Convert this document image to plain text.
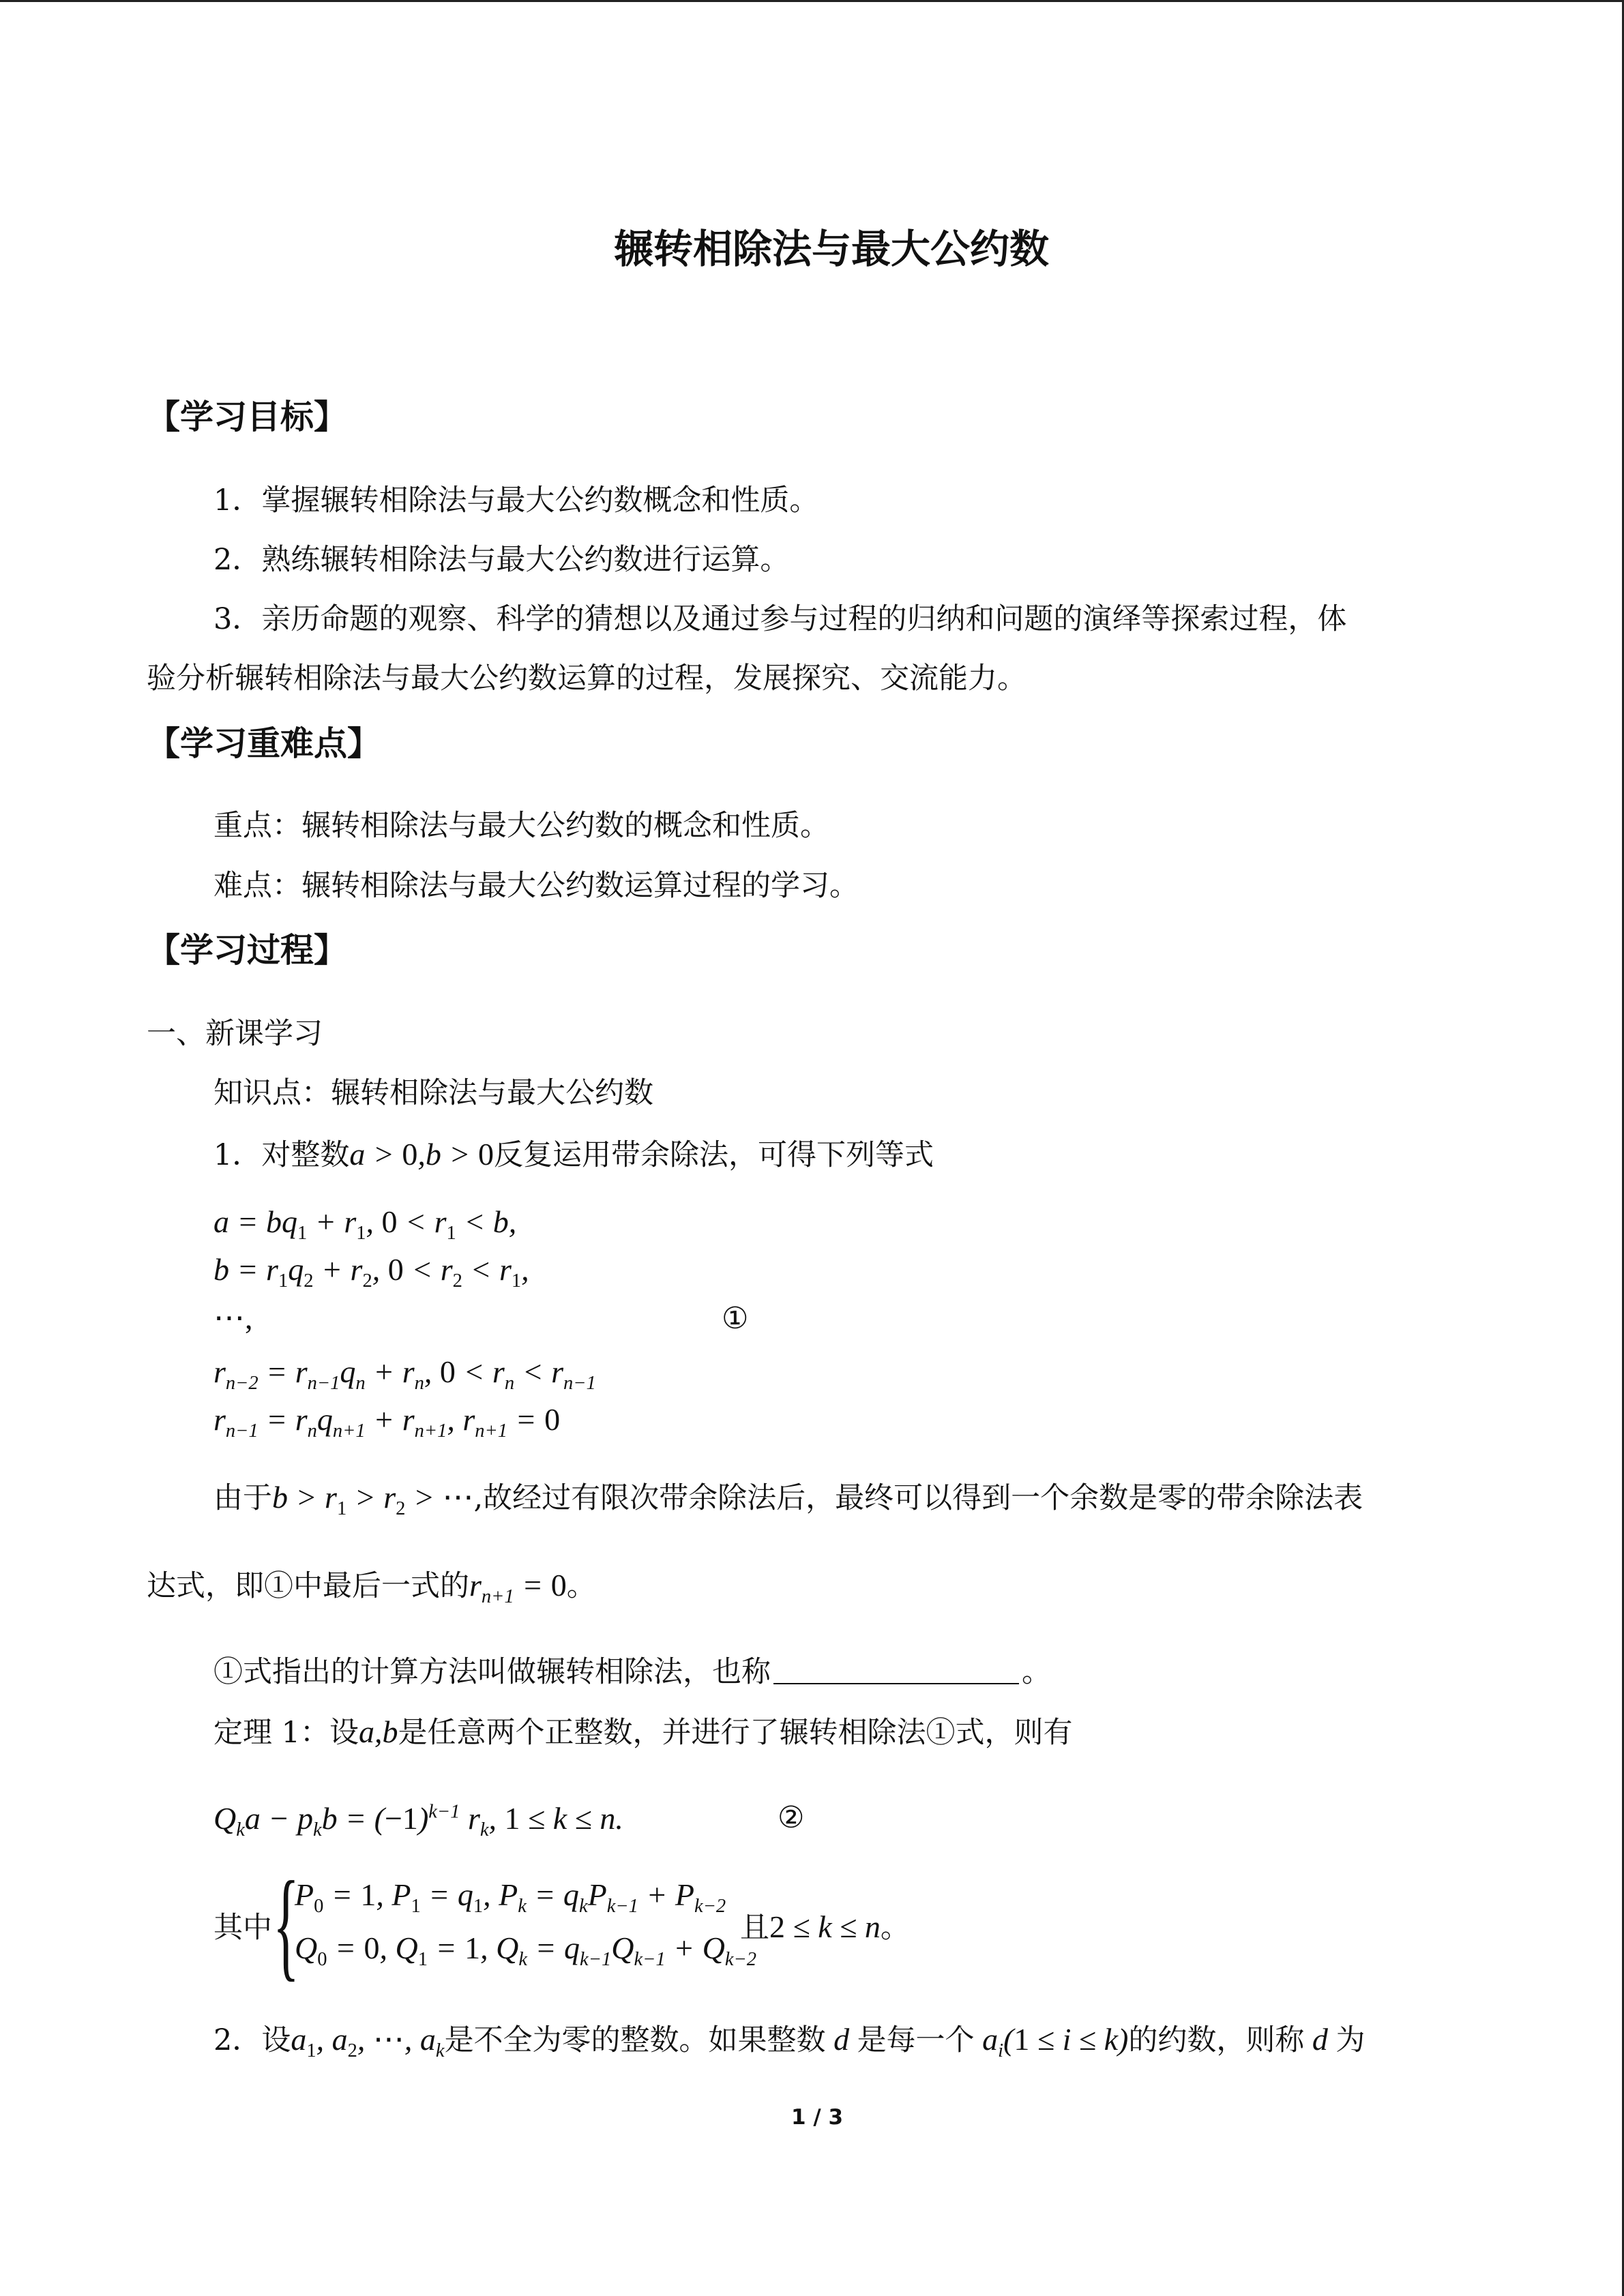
辗转相除法与最大公约数
【学习目标】
1．掌握辗转相除法与最大公约数概念和性质。
2．熟练辗转相除法与最大公约数进行运算。
3．亲历命题的观察、科学的猜想以及通过参与过程的归纳和问题的演绎等探索过程，体
验分析辗转相除法与最大公约数运算的过程，发展探究、交流能力。
【学习重难点】
重点：辗转相除法与最大公约数的概念和性质。
难点：辗转相除法与最大公约数运算过程的学习。
【学习过程】
一、新课学习
知识点：辗转相除法与最大公约数
1．对整数a > 0,b > 0反复运用带余除法，可得下列等式
$a = bq_1 + r_1$, $0 < r_1 < b$,
$b = r_1q_2 + r_2$, $0 < r_2 < r_1$,
⋯,	①
$r_{n-2} = r_{n-1}q_n + r_n$, $0 < r_n < r_{n-1}$
$r_{n-1} = r_nq_{n+1} + r_{n+1}$, $r_{n+1} = 0$
由于$b > r_1 > r_2$ > ⋯,故经过有限次带余除法后，最终可以得到一个余数是零的带余除法表
达式，即①中最后一式的$r_{n+1} = 0$。
①式指出的计算方法叫做辗转相除法，也称	。
定理 1：设a,b是任意两个正整数，并进行了辗转相除法①式，则有
$Q_ka - p_kb = (-1)^{k-1}$ $r_k$, 1 ≤ k ≤ n.	②
其中 {
$P_0 = 1$, $P_1 = q_1$, $P_k = q_kP_{k-1} + P_{k-2}$
$Q_0 = 0$, $Q_1 = 1$, $Q_k = q_{k-1}Q_{k-1} + Q_{k-2}$
且2 ≤ k ≤ n。
2．设$a_1$, $a_2$, ⋯, $a_k$是不全为零的整数。如果整数 d 是每一个 $a_i(1 \le i \le k)$的约数，则称 d 为
1 / 3
